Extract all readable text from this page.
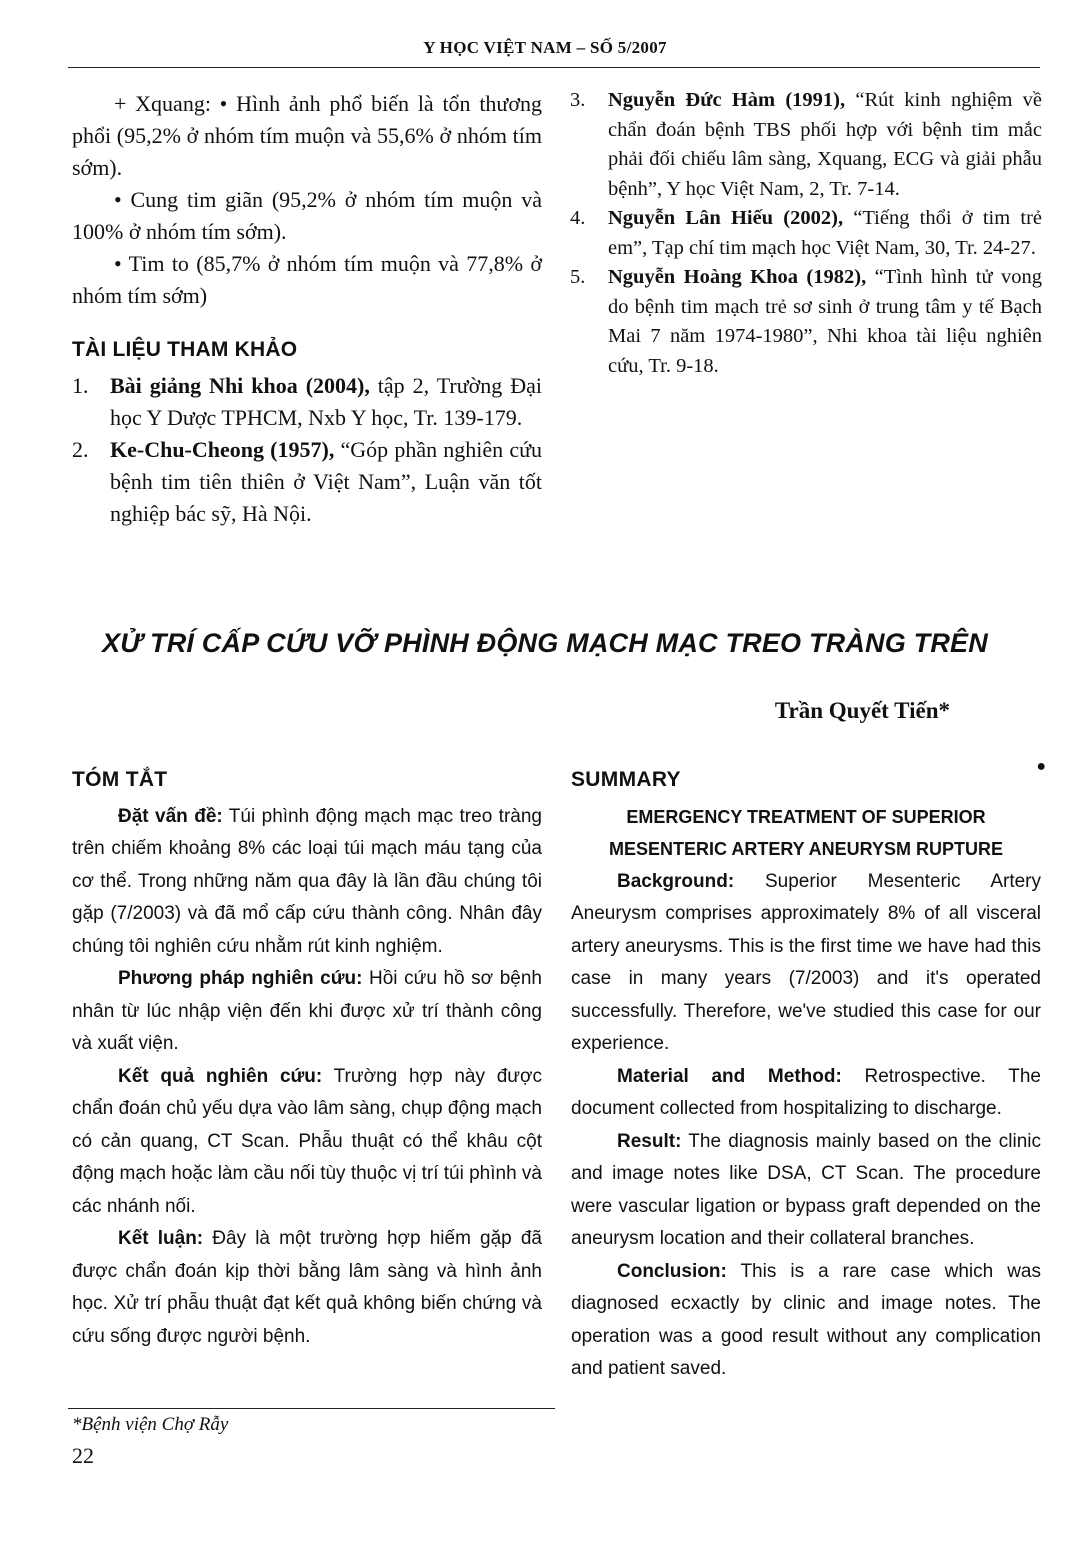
Y HỌC VIỆT NAM – SỐ 5/2007

+ Xquang: • Hình ảnh phổ biến là tổn thương phổi (95,2% ở nhóm tím muộn và 55,6% ở nhóm tím sớm).

• Cung tim giãn (95,2% ở nhóm tím muộn và 100% ở nhóm tím sớm).

• Tim to (85,7% ở nhóm tím muộn và 77,8% ở nhóm tím sớm)

TÀI LIỆU THAM KHẢO
1. Bài giảng Nhi khoa (2004), tập 2, Trường Đại học Y Dược TPHCM, Nxb Y học, Tr. 139-179.
2. Ke-Chu-Cheong (1957), “Góp phần nghiên cứu bệnh tim tiên thiên ở Việt Nam”, Luận văn tốt nghiệp bác sỹ, Hà Nội.
3.	Nguyễn Đức Hàm (1991), “Rút kinh nghiệm về chẩn đoán bệnh TBS phối hợp với bệnh tim mắc phải đối chiếu lâm sàng, Xquang, ECG và giải phẫu bệnh”, Y học Việt Nam, 2, Tr. 7-14.
4.	Nguyễn Lân Hiếu (2002), “Tiếng thổi ở tim trẻ em”, Tạp chí tim mạch học Việt Nam, 30, Tr. 24-27.
5.	Nguyễn Hoàng Khoa (1982), “Tình hình tử vong do bệnh tim mạch trẻ sơ sinh ở trung tâm y tế Bạch Mai 7 năm 1974-1980”, Nhi khoa tài liệu nghiên cứu, Tr. 9-18.
XỬ TRÍ CẤP CỨU VỠ PHÌNH ĐỘNG MẠCH MẠC TREO TRÀNG TRÊN
Trần Quyết Tiến*
TÓM TẮT

Đặt vấn đề: Túi phình động mạch mạc treo tràng trên chiếm khoảng 8% các loại túi mạch máu tạng của cơ thể. Trong những năm qua đây là lần đầu chúng tôi gặp (7/2003) và đã mổ cấp cứu thành công. Nhân đây chúng tôi nghiên cứu nhằm rút kinh nghiệm.

Phương pháp nghiên cứu: Hồi cứu hồ sơ bệnh nhân từ lúc nhập viện đến khi được xử trí thành công và xuất viện.

Kết quả nghiên cứu: Trường hợp này được chẩn đoán chủ yếu dựa vào lâm sàng, chụp động mạch có cản quang, CT Scan. Phẫu thuật có thể khâu cột động mạch hoặc làm cầu nối tùy thuộc vị trí túi phình và các nhánh nối.

Kết luận: Đây là một trường hợp hiếm gặp đã được chẩn đoán kịp thời bằng lâm sàng và hình ảnh học. Xử trí phẫu thuật đạt kết quả không biến chứng và cứu sống được người bệnh.

SUMMARY

EMERGENCY TREATMENT OF SUPERIOR

MESENTERIC ARTERY ANEURYSM RUPTURE

Background: Superior Mesenteric Artery Aneurysm comprises approximately 8% of all visceral artery aneurysms. This is the first time we have had this case in many years (7/2003) and it's operated successfully. Therefore, we've studied this case for our experience.

Material and Method: Retrospective. The document collected from hospitalizing to discharge.

Result: The diagnosis mainly based on the clinic and image notes like DSA, CT Scan. The procedure were vascular ligation or bypass graft depended on the aneurysm location and their collateral branches.

Conclusion: This is a rare case which was diagnosed ecxactly by clinic and image notes. The operation was a good result without any complication and patient saved.

●
*Bệnh viện Chợ Rẫy
22
